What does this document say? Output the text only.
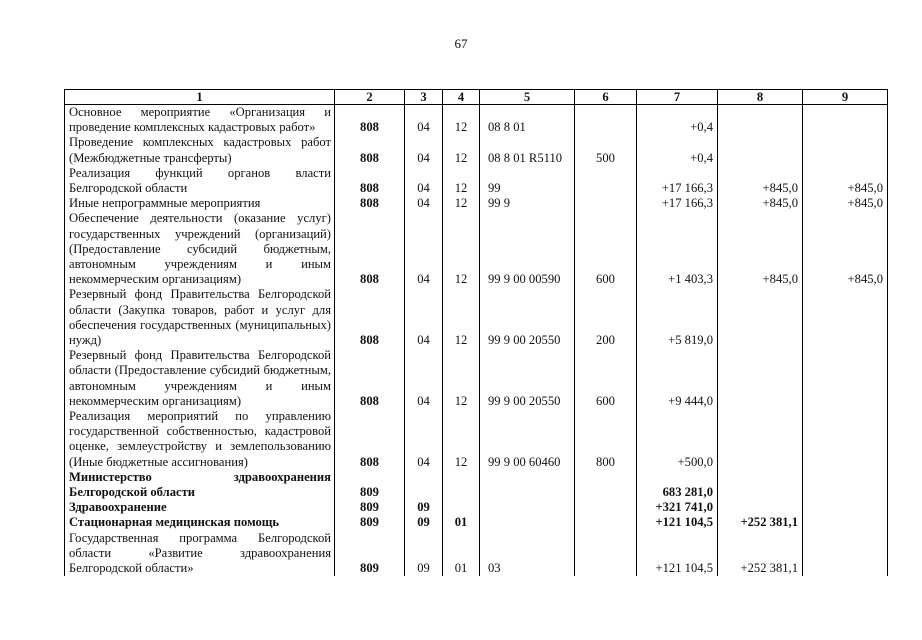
67
1	2	3	4	5	6	7	8	9
Основное мероприятие «Организация и проведение комплексных кадастровых работ»	808	04	12	08 8 01		+0,4		
Проведение комплексных кадастровых работ (Межбюджетные трансферты)	808	04	12	08 8 01 R5110	500	+0,4		
Реализация функций органов власти Белгородской области	808	04	12	99		+17 166,3	+845,0	+845,0
Иные непрограммные мероприятия	808	04	12	99 9		+17 166,3	+845,0	+845,0
Обеспечение деятельности (оказание услуг) государственных учреждений (организаций) (Предоставление субсидий бюджетным, автономным учреждениям и иным некоммерческим организациям)	808	04	12	99 9 00 00590	600	+1 403,3	+845,0	+845,0
Резервный фонд Правительства Белгородской области (Закупка товаров, работ и услуг для обеспечения государственных (муниципальных) нужд)	808	04	12	99 9 00 20550	200	+5 819,0		
Резервный фонд Правительства Белгородской области (Предоставление субсидий бюджетным, автономным учреждениям и иным некоммерческим организациям)	808	04	12	99 9 00 20550	600	+9 444,0		
Реализация мероприятий по управлению государственной собственностью, кадастровой оценке, землеустройству и землепользованию (Иные бюджетные ассигнования)	808	04	12	99 9 00 60460	800	+500,0		
Министерство здравоохранения Белгородской области	809					683 281,0		
Здравоохранение	809	09				+321 741,0		
Стационарная медицинская помощь	809	09	01			+121 104,5	+252 381,1	
Государственная программа Белгородской области «Развитие здравоохранения Белгородской области»	809	09	01	03		+121 104,5	+252 381,1	
